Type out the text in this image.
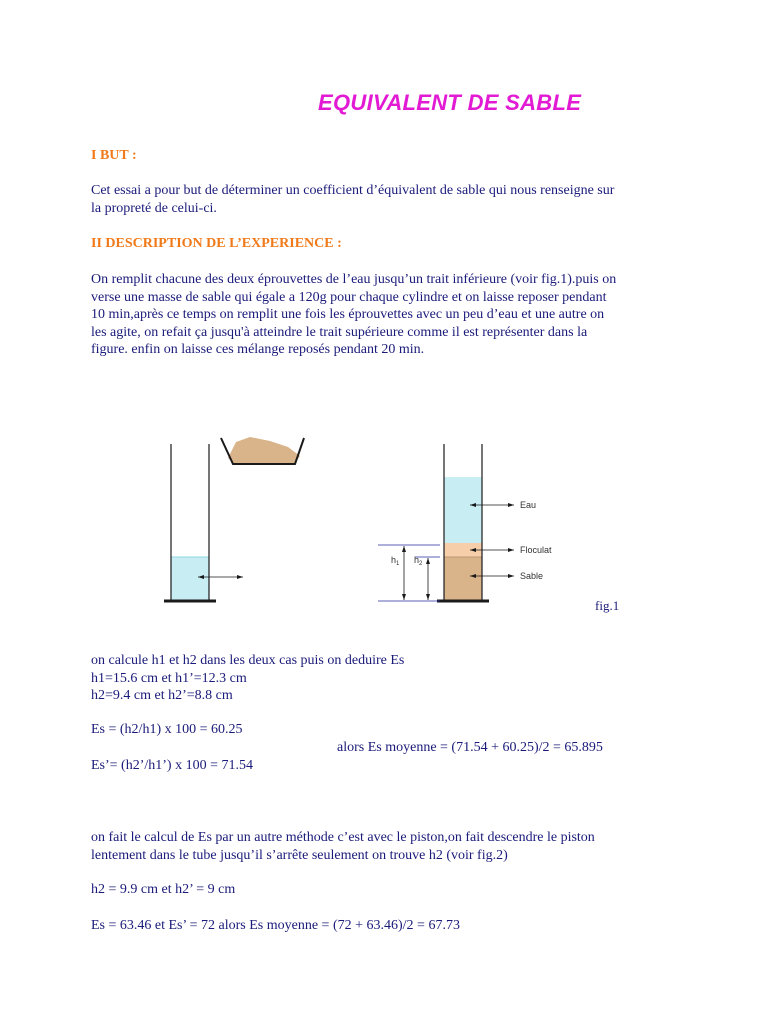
EQUIVALENT DE SABLE
I BUT :
Cet essai a pour but de déterminer un coefficient d’équivalent de sable qui nous renseigne sur
la propreté de celui-ci.
II DESCRIPTION DE L’EXPERIENCE :
On remplit chacune des deux éprouvettes de l’eau jusqu’un trait inférieure (voir fig.1).puis on
verse une masse de sable qui égale a 120g pour chaque cylindre et on laisse reposer pendant
10 min,après ce temps on remplit une fois les éprouvettes avec un peu d’eau et une autre on
les agite, on refait ça jusqu'à atteindre le trait supérieure comme il est représenter dans la
figure. enfin on laisse ces mélange reposés pendant 20 min.
Eau
Floculat
Sable
$h_1$ $h_2$
fig.1
on calcule h1 et h2 dans les deux cas puis on deduire Es
h1=15.6 cm et h1’=12.3 cm
h2=9.4 cm et h2’=8.8 cm
Es = (h2/h1) x 100 = 60.25
alors Es moyenne = (71.54 + 60.25)/2 = 65.895
Es’= (h2’/h1’) x 100 = 71.54
on fait le calcul de Es par un autre méthode c’est avec le piston,on fait descendre le piston
lentement dans le tube jusqu’il s’arrête seulement on trouve h2 (voir fig.2)
h2 = 9.9 cm et h2’ = 9 cm
Es = 63.46 et Es’ = 72 alors Es moyenne = (72 + 63.46)/2 = 67.73
